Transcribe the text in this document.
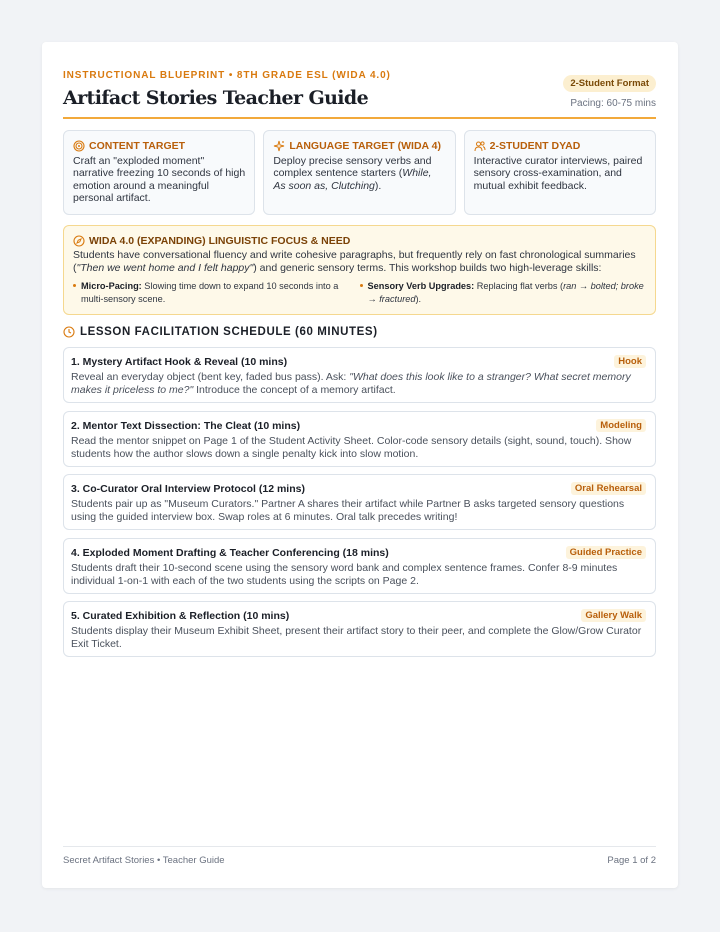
INSTRUCTIONAL BLUEPRINT • 8TH GRADE ESL (WIDA 4.0)
Artifact Stories Teacher Guide
2-Student Format
Pacing: 60-75 mins
CONTENT TARGET
Craft an "exploded moment" narrative freezing 10 seconds of high emotion around a meaningful personal artifact.
LANGUAGE TARGET (WIDA 4)
Deploy precise sensory verbs and complex sentence starters (While, As soon as, Clutching).
2-STUDENT DYAD
Interactive curator interviews, paired sensory cross-examination, and mutual exhibit feedback.
WIDA 4.0 (EXPANDING) LINGUISTIC FOCUS & NEED
Students have conversational fluency and write cohesive paragraphs, but frequently rely on fast chronological summaries ("Then we went home and I felt happy") and generic sensory terms. This workshop builds two high-leverage skills:
Micro-Pacing: Slowing time down to expand 10 seconds into a multi-sensory scene.
Sensory Verb Upgrades: Replacing flat verbs (ran → bolted; broke → fractured).
LESSON FACILITATION SCHEDULE (60 MINUTES)
1. Mystery Artifact Hook & Reveal (10 mins)	Hook
Reveal an everyday object (bent key, faded bus pass). Ask: "What does this look like to a stranger? What secret memory makes it priceless to me?" Introduce the concept of a memory artifact.
2. Mentor Text Dissection: The Cleat (10 mins)	Modeling
Read the mentor snippet on Page 1 of the Student Activity Sheet. Color-code sensory details (sight, sound, touch). Show students how the author slows down a single penalty kick into slow motion.
3. Co-Curator Oral Interview Protocol (12 mins)	Oral Rehearsal
Students pair up as "Museum Curators." Partner A shares their artifact while Partner B asks targeted sensory questions using the guided interview box. Swap roles at 6 minutes. Oral talk precedes writing!
4. Exploded Moment Drafting & Teacher Conferencing (18 mins)	Guided Practice
Students draft their 10-second scene using the sensory word bank and complex sentence frames. Confer 8-9 minutes individual 1-on-1 with each of the two students using the scripts on Page 2.
5. Curated Exhibition & Reflection (10 mins)	Gallery Walk
Students display their Museum Exhibit Sheet, present their artifact story to their peer, and complete the Glow/Grow Curator Exit Ticket.
Secret Artifact Stories • Teacher Guide	Page 1 of 2
